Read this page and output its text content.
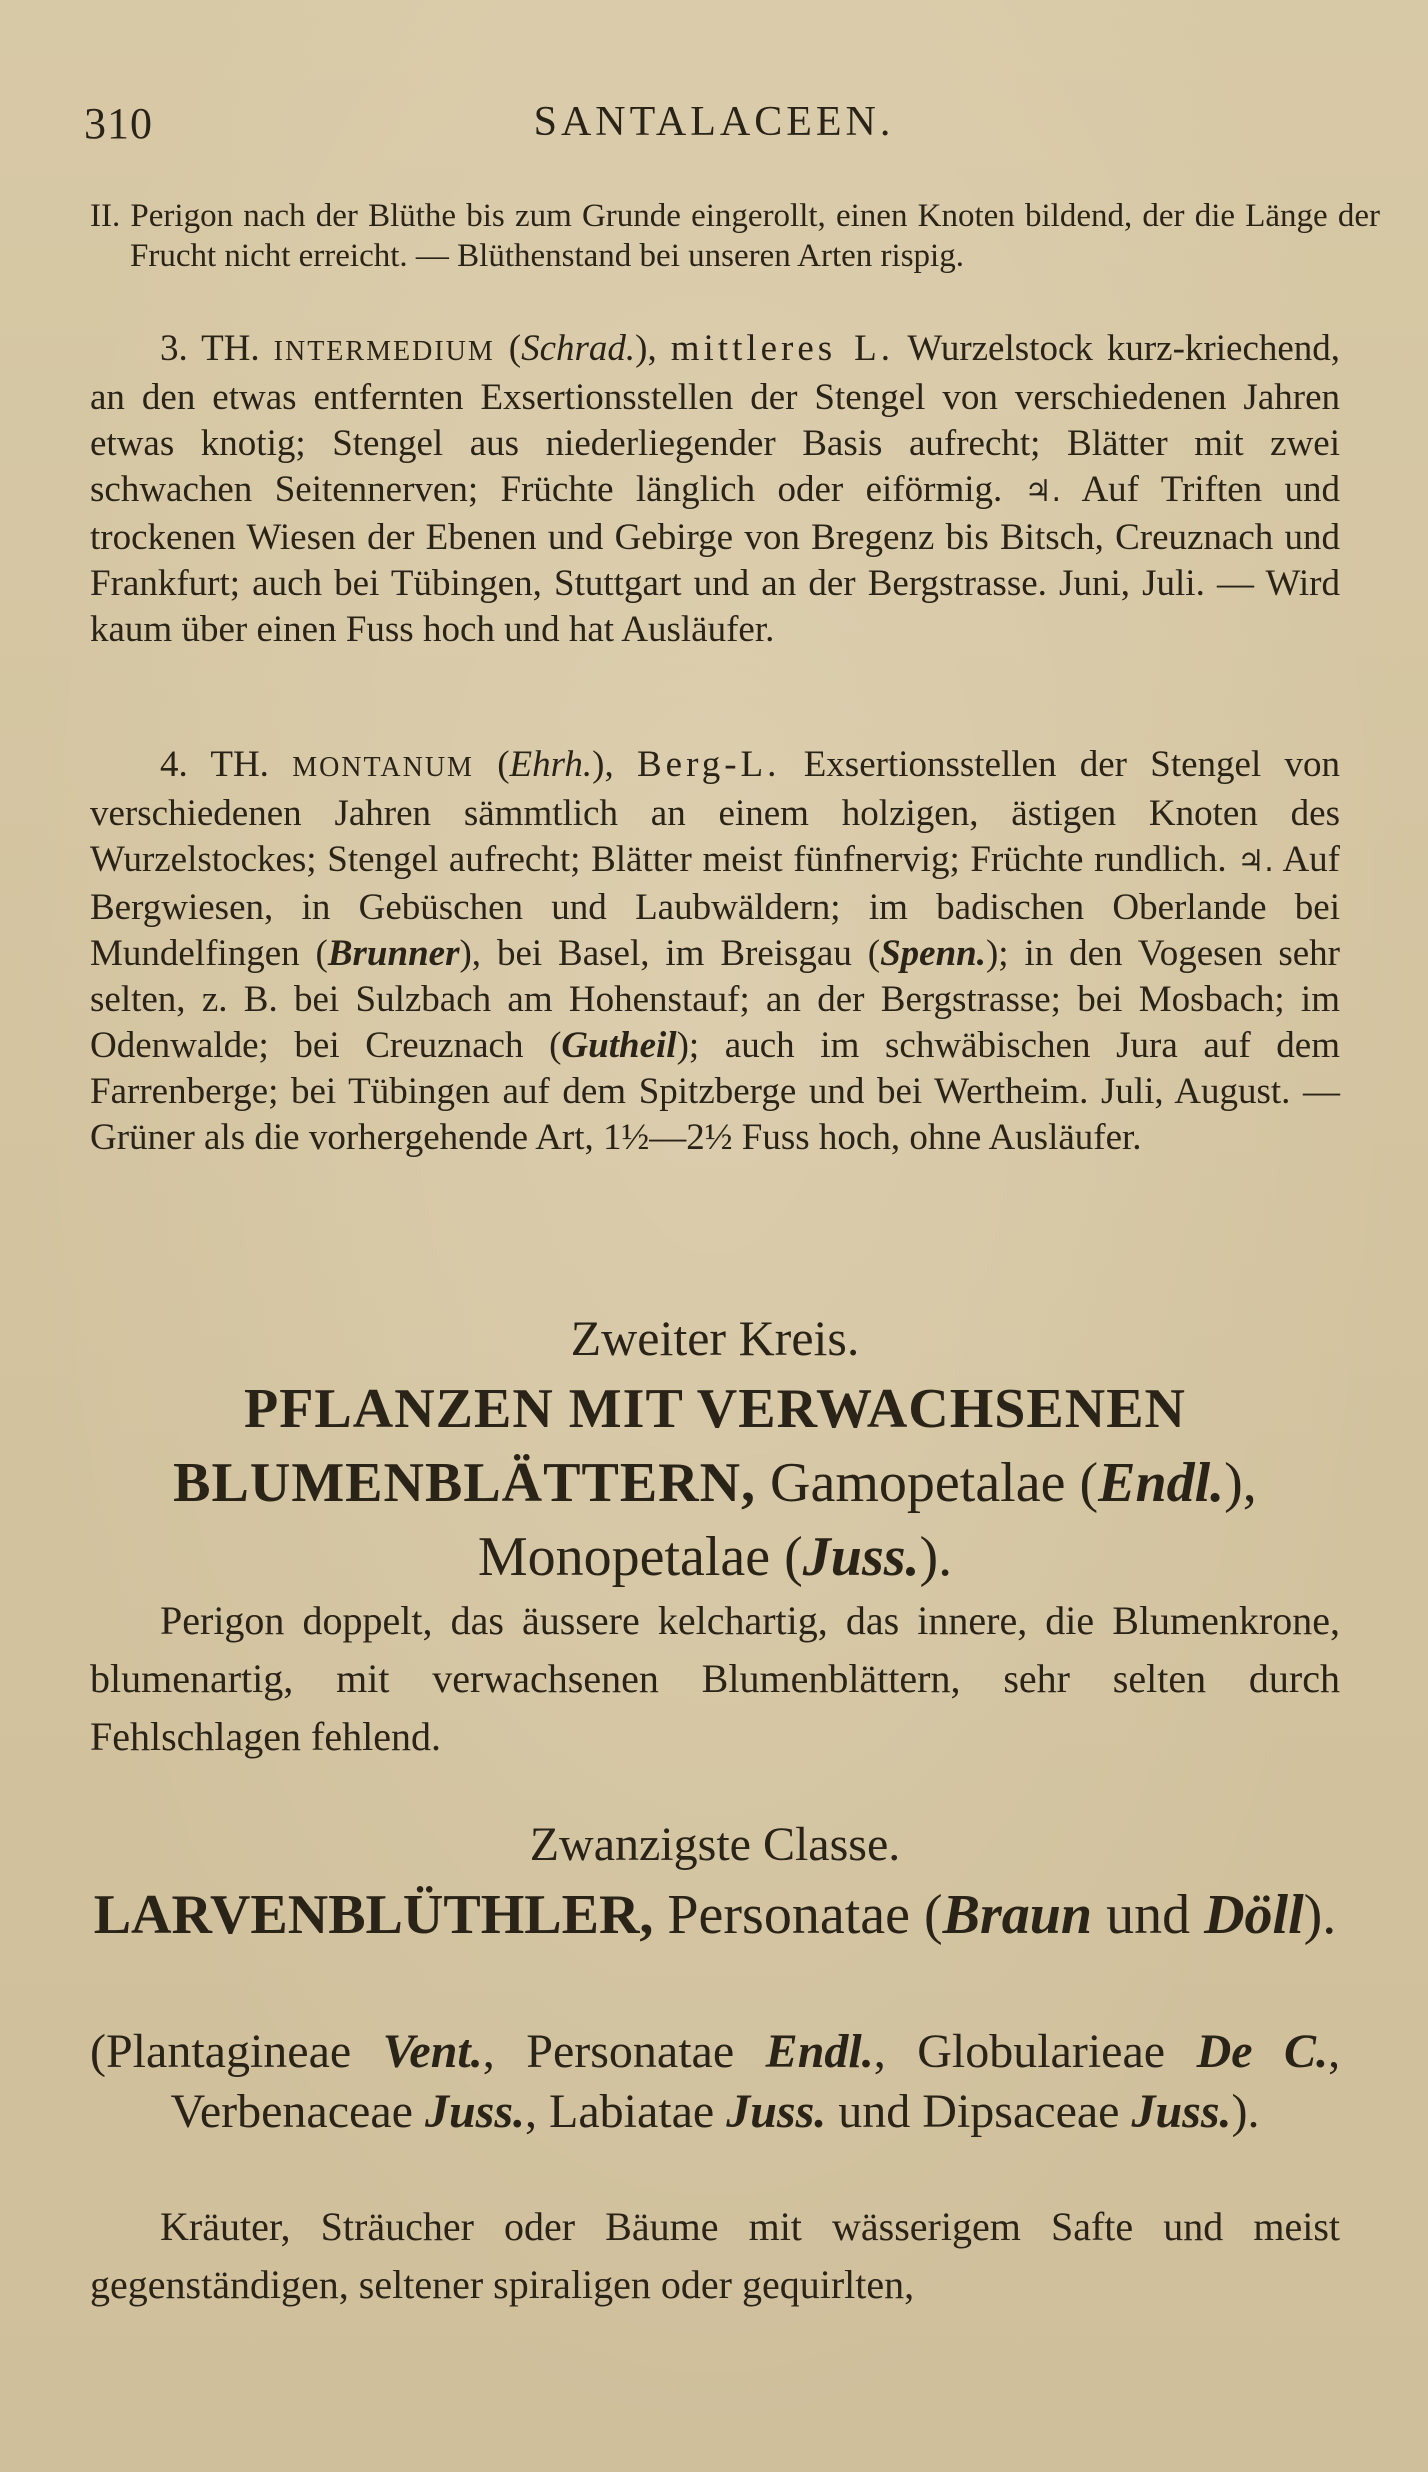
310	SANTALACEEN.

II. Perigon nach der Blüthe bis zum Grunde eingerollt, einen Knoten bildend, der die Länge der Frucht nicht erreicht. — Blüthenstand bei unseren Arten rispig.

3. TH. INTERMEDIUM (Schrad.), mittleres L. Wurzelstock kurz-kriechend, an den etwas entfernten Exsertionsstellen der Stengel von verschiedenen Jahren etwas knotig; Stengel aus niederliegender Basis aufrecht; Blätter mit zwei schwachen Seitennerven; Früchte länglich oder eiförmig. ♃. Auf Triften und trockenen Wiesen der Ebenen und Gebirge von Bregenz bis Bitsch, Creuznach und Frankfurt; auch bei Tübingen, Stuttgart und an der Bergstrasse. Juni, Juli. — Wird kaum über einen Fuss hoch und hat Ausläufer.

4. TH. MONTANUM (Ehrh.), Berg-L. Exsertionsstellen der Stengel von verschiedenen Jahren sämmtlich an einem holzigen, ästigen Knoten des Wurzelstockes; Stengel aufrecht; Blätter meist fünfnervig; Früchte rundlich. ♃. Auf Bergwiesen, in Gebüschen und Laubwäldern; im badischen Oberlande bei Mundelfingen (Brunner), bei Basel, im Breisgau (Spenn.); in den Vogesen sehr selten, z. B. bei Sulzbach am Hohenstauf; an der Bergstrasse; bei Mosbach; im Odenwalde; bei Creuznach (Gutheil); auch im schwäbischen Jura auf dem Farrenberge; bei Tübingen auf dem Spitzberge und bei Wertheim. Juli, August. — Grüner als die vorhergehende Art, 1½—2½ Fuss hoch, ohne Ausläufer.

Zweiter Kreis.
PFLANZEN MIT VERWACHSENEN BLUMENBLÄTTERN, Gamopetalae (Endl.), Monopetalae (Juss.).

Perigon doppelt, das äussere kelchartig, das innere, die Blumenkrone, blumenartig, mit verwachsenen Blumenblättern, sehr selten durch Fehlschlagen fehlend.

Zwanzigste Classe.
LARVENBLÜTHLER, Personatae (Braun und Döll).

(Plantagineae Vent., Personatae Endl., Globularieae De C., Verbenaceae Juss., Labiatae Juss. und Dipsaceae Juss.).

Kräuter, Sträucher oder Bäume mit wässerigem Safte und meist gegenständigen, seltener spiraligen oder gequirlten,
